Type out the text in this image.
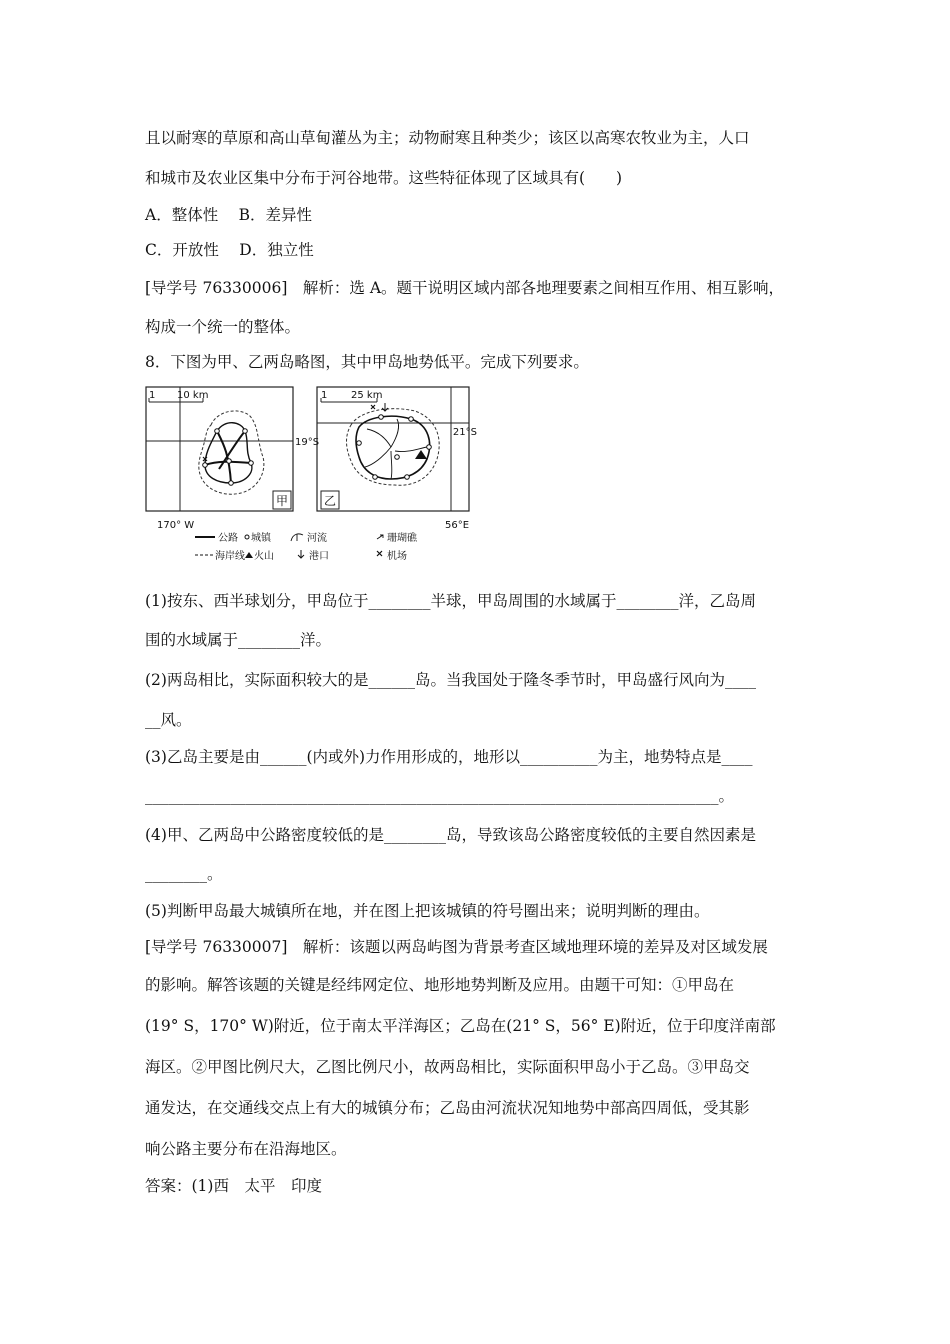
且以耐寒的草原和高山草甸灌丛为主；动物耐寒且种类少；该区以高寒农牧业为主，人口
和城市及农业区集中分布于河谷地带。这些特征体现了区域具有(　　)
A．整体性　 B．差异性
C．开放性　 D．独立性
[导学号 76330006]　解析：选 A。题干说明区域内部各地理要素之间相互作用、相互影响，
构成一个统一的整体。
8．下图为甲、乙两岛略图，其中甲岛地势低平。完成下列要求。
1 10 km
19°S
甲
170° W
1 25 km
21°S
乙
56°E
公路 城镇	河流	珊瑚礁
海岸线 火山	港口	机场
(1)按东、西半球划分，甲岛位于________半球，甲岛周围的水域属于________洋，乙岛周
围的水域属于________洋。
(2)两岛相比，实际面积较大的是______岛。当我国处于隆冬季节时，甲岛盛行风向为____
__风。
(3)乙岛主要是由______(内或外)力作用形成的，地形以__________为主，地势特点是____
__________________________________________________________________________。
(4)甲、乙两岛中公路密度较低的是________岛，导致该岛公路密度较低的主要自然因素是
________。
(5)判断甲岛最大城镇所在地，并在图上把该城镇的符号圈出来；说明判断的理由。
[导学号 76330007]　解析：该题以两岛屿图为背景考查区域地理环境的差异及对区域发展
的影响。解答该题的关键是经纬网定位、地形地势判断及应用。由题干可知：①甲岛在
(19° S，170° W)附近，位于南太平洋海区；乙岛在(21° S，56° E)附近，位于印度洋南部
海区。②甲图比例尺大，乙图比例尺小，故两岛相比，实际面积甲岛小于乙岛。③甲岛交
通发达，在交通线交点上有大的城镇分布；乙岛由河流状况知地势中部高四周低，受其影
响公路主要分布在沿海地区。
答案：(1)西　太平　印度
